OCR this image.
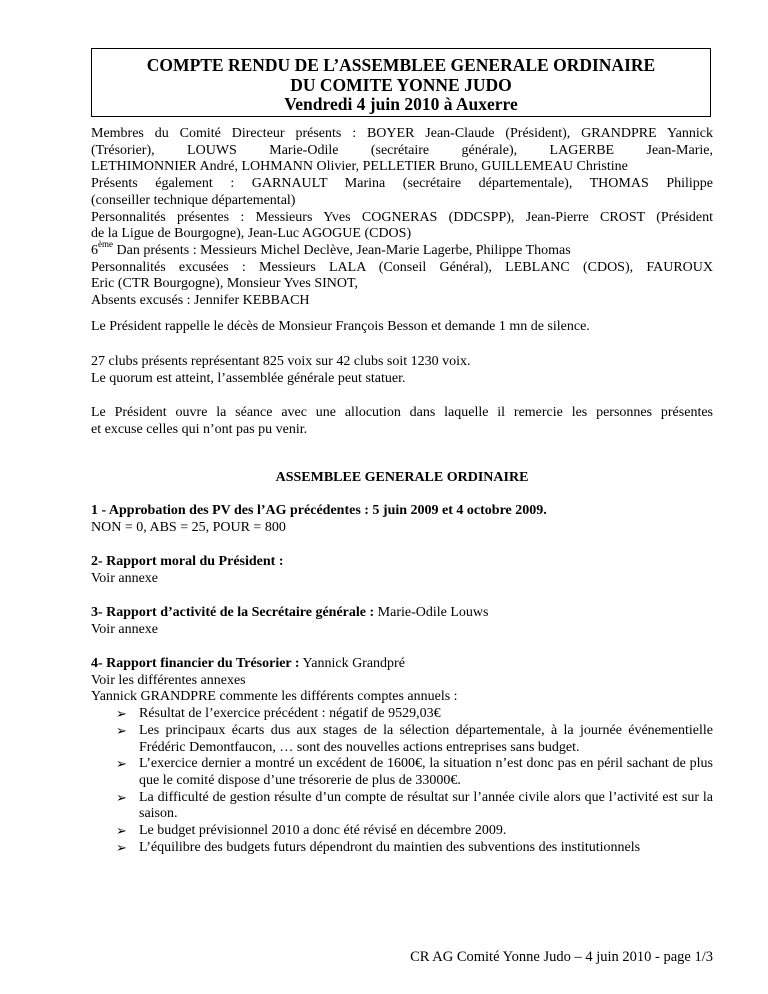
COMPTE RENDU DE L’ASSEMBLEE GENERALE ORDINAIRE
DU COMITE YONNE JUDO
Vendredi 4 juin 2010 à Auxerre
Membres du Comité Directeur présents : BOYER Jean-Claude (Président), GRANDPRE Yannick
(Trésorier), LOUWS Marie-Odile (secrétaire générale), LAGERBE Jean-Marie,
LETHIMONNIER André, LOHMANN Olivier, PELLETIER Bruno, GUILLEMEAU Christine
Présents également : GARNAULT Marina (secrétaire départementale), THOMAS Philippe
(conseiller technique départemental)
Personnalités présentes : Messieurs Yves COGNERAS (DDCSPP), Jean-Pierre CROST (Président
de la Ligue de Bourgogne), Jean-Luc AGOGUE (CDOS)
6ème Dan présents : Messieurs Michel Declève, Jean-Marie Lagerbe, Philippe Thomas
Personnalités excusées : Messieurs LALA (Conseil Général), LEBLANC (CDOS), FAUROUX
Eric (CTR Bourgogne), Monsieur Yves SINOT,
Absents excusés : Jennifer KEBBACH
Le Président rappelle le décès de Monsieur François Besson et demande 1 mn de silence.
27 clubs présents représentant 825 voix sur 42 clubs soit 1230 voix.
Le quorum est atteint, l’assemblée générale peut statuer.
Le Président ouvre la séance avec une allocution dans laquelle il remercie les personnes présentes
et excuse celles qui n’ont pas pu venir.
ASSEMBLEE GENERALE ORDINAIRE
1 - Approbation des PV des l’AG précédentes : 5 juin 2009 et 4 octobre 2009.
NON = 0, ABS = 25, POUR = 800
2- Rapport moral du Président :
Voir annexe
3- Rapport d’activité de la Secrétaire générale : Marie-Odile Louws
Voir annexe
4- Rapport financier du Trésorier : Yannick Grandpré
Voir les différentes annexes
Yannick GRANDPRE commente les différents comptes annuels :
➢ Résultat de l’exercice précédent : négatif de 9529,03€
➢ Les principaux écarts dus aux stages de la sélection départementale, à la journée événementielle Frédéric Demontfaucon, … sont des nouvelles actions entreprises sans budget.
➢ L’exercice dernier a montré un excédent de 1600€, la situation n’est donc pas en péril sachant de plus que le comité dispose d’une trésorerie de plus de 33000€.
➢ La difficulté de gestion résulte d’un compte de résultat sur l’année civile alors que l’activité est sur la saison.
➢ Le budget prévisionnel 2010 a donc été révisé en décembre 2009.
➢ L’équilibre des budgets futurs dépendront du maintien des subventions des institutionnels
CR AG Comité Yonne Judo – 4 juin 2010 - page 1/3
